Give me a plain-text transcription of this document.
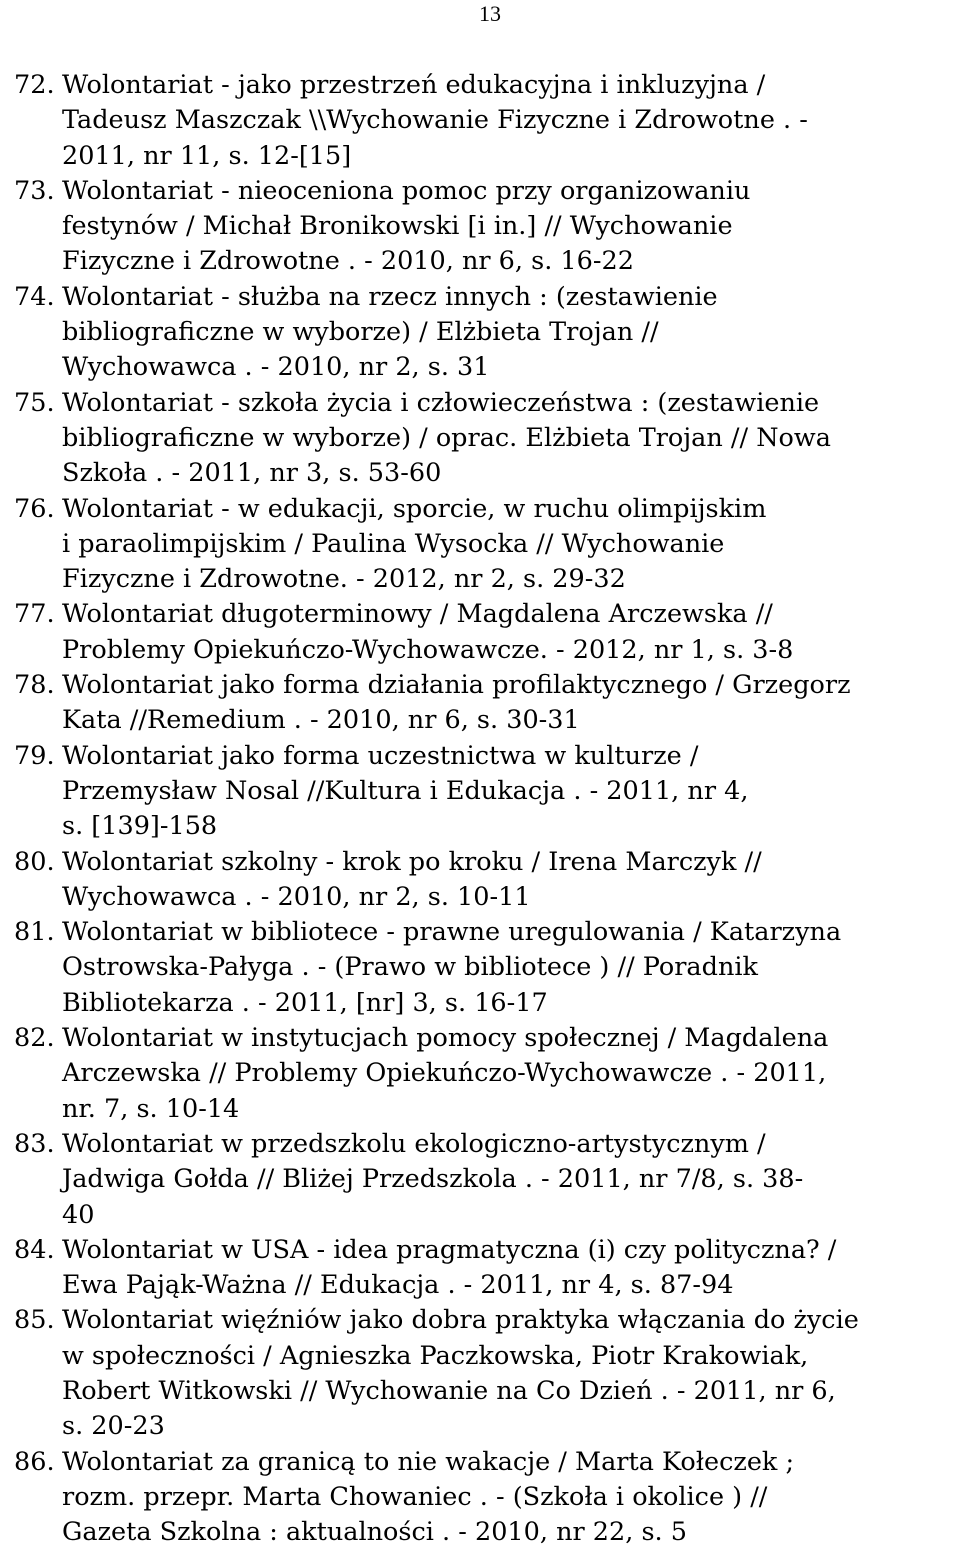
13
72. Wolontariat - jako przestrzeń edukacyjna i inkluzyjna /
Tadeusz Maszczak \\Wychowanie Fizyczne i Zdrowotne . -
2011, nr 11, s. 12-[15]
73. Wolontariat - nieoceniona pomoc przy organizowaniu
festynów / Michał Bronikowski [i in.] // Wychowanie
Fizyczne i Zdrowotne . - 2010, nr 6, s. 16-22
74. Wolontariat - służba na rzecz innych : (zestawienie
bibliograficzne w wyborze) / Elżbieta Trojan //
Wychowawca . - 2010, nr 2, s. 31
75. Wolontariat - szkoła życia i człowieczeństwa : (zestawienie
bibliograficzne w wyborze) / oprac. Elżbieta Trojan // Nowa
Szkoła . - 2011, nr 3, s. 53-60
76. Wolontariat - w edukacji, sporcie, w ruchu olimpijskim
i paraolimpijskim / Paulina Wysocka // Wychowanie
Fizyczne i Zdrowotne. - 2012, nr 2, s. 29-32
77. Wolontariat długoterminowy / Magdalena Arczewska //
Problemy Opiekuńczo-Wychowawcze. - 2012, nr 1, s. 3-8
78. Wolontariat jako forma działania profilaktycznego / Grzegorz
Kata //Remedium . - 2010, nr 6, s. 30-31
79. Wolontariat jako forma uczestnictwa w kulturze /
Przemysław Nosal //Kultura i Edukacja . - 2011, nr 4,
s. [139]-158
80. Wolontariat szkolny - krok po kroku / Irena Marczyk //
Wychowawca . - 2010, nr 2, s. 10-11
81. Wolontariat w bibliotece - prawne uregulowania / Katarzyna
Ostrowska-Pałyga . - (Prawo w bibliotece ) // Poradnik
Bibliotekarza . - 2011, [nr] 3, s. 16-17
82. Wolontariat w instytucjach pomocy społecznej / Magdalena
Arczewska // Problemy Opiekuńczo-Wychowawcze . - 2011,
nr. 7, s. 10-14
83. Wolontariat w przedszkolu ekologiczno-artystycznym /
Jadwiga Gołda // Bliżej Przedszkola . - 2011, nr 7/8, s. 38-
40
84. Wolontariat w USA - idea pragmatyczna (i) czy polityczna? /
Ewa Pająk-Ważna // Edukacja . - 2011, nr 4, s. 87-94
85. Wolontariat więźniów jako dobra praktyka włączania do życie
w społeczności / Agnieszka Paczkowska, Piotr Krakowiak,
Robert Witkowski // Wychowanie na Co Dzień . - 2011, nr 6,
s. 20-23
86. Wolontariat za granicą to nie wakacje / Marta Kołeczek ;
rozm. przepr. Marta Chowaniec . - (Szkoła i okolice ) //
Gazeta Szkolna : aktualności . - 2010, nr 22, s. 5
